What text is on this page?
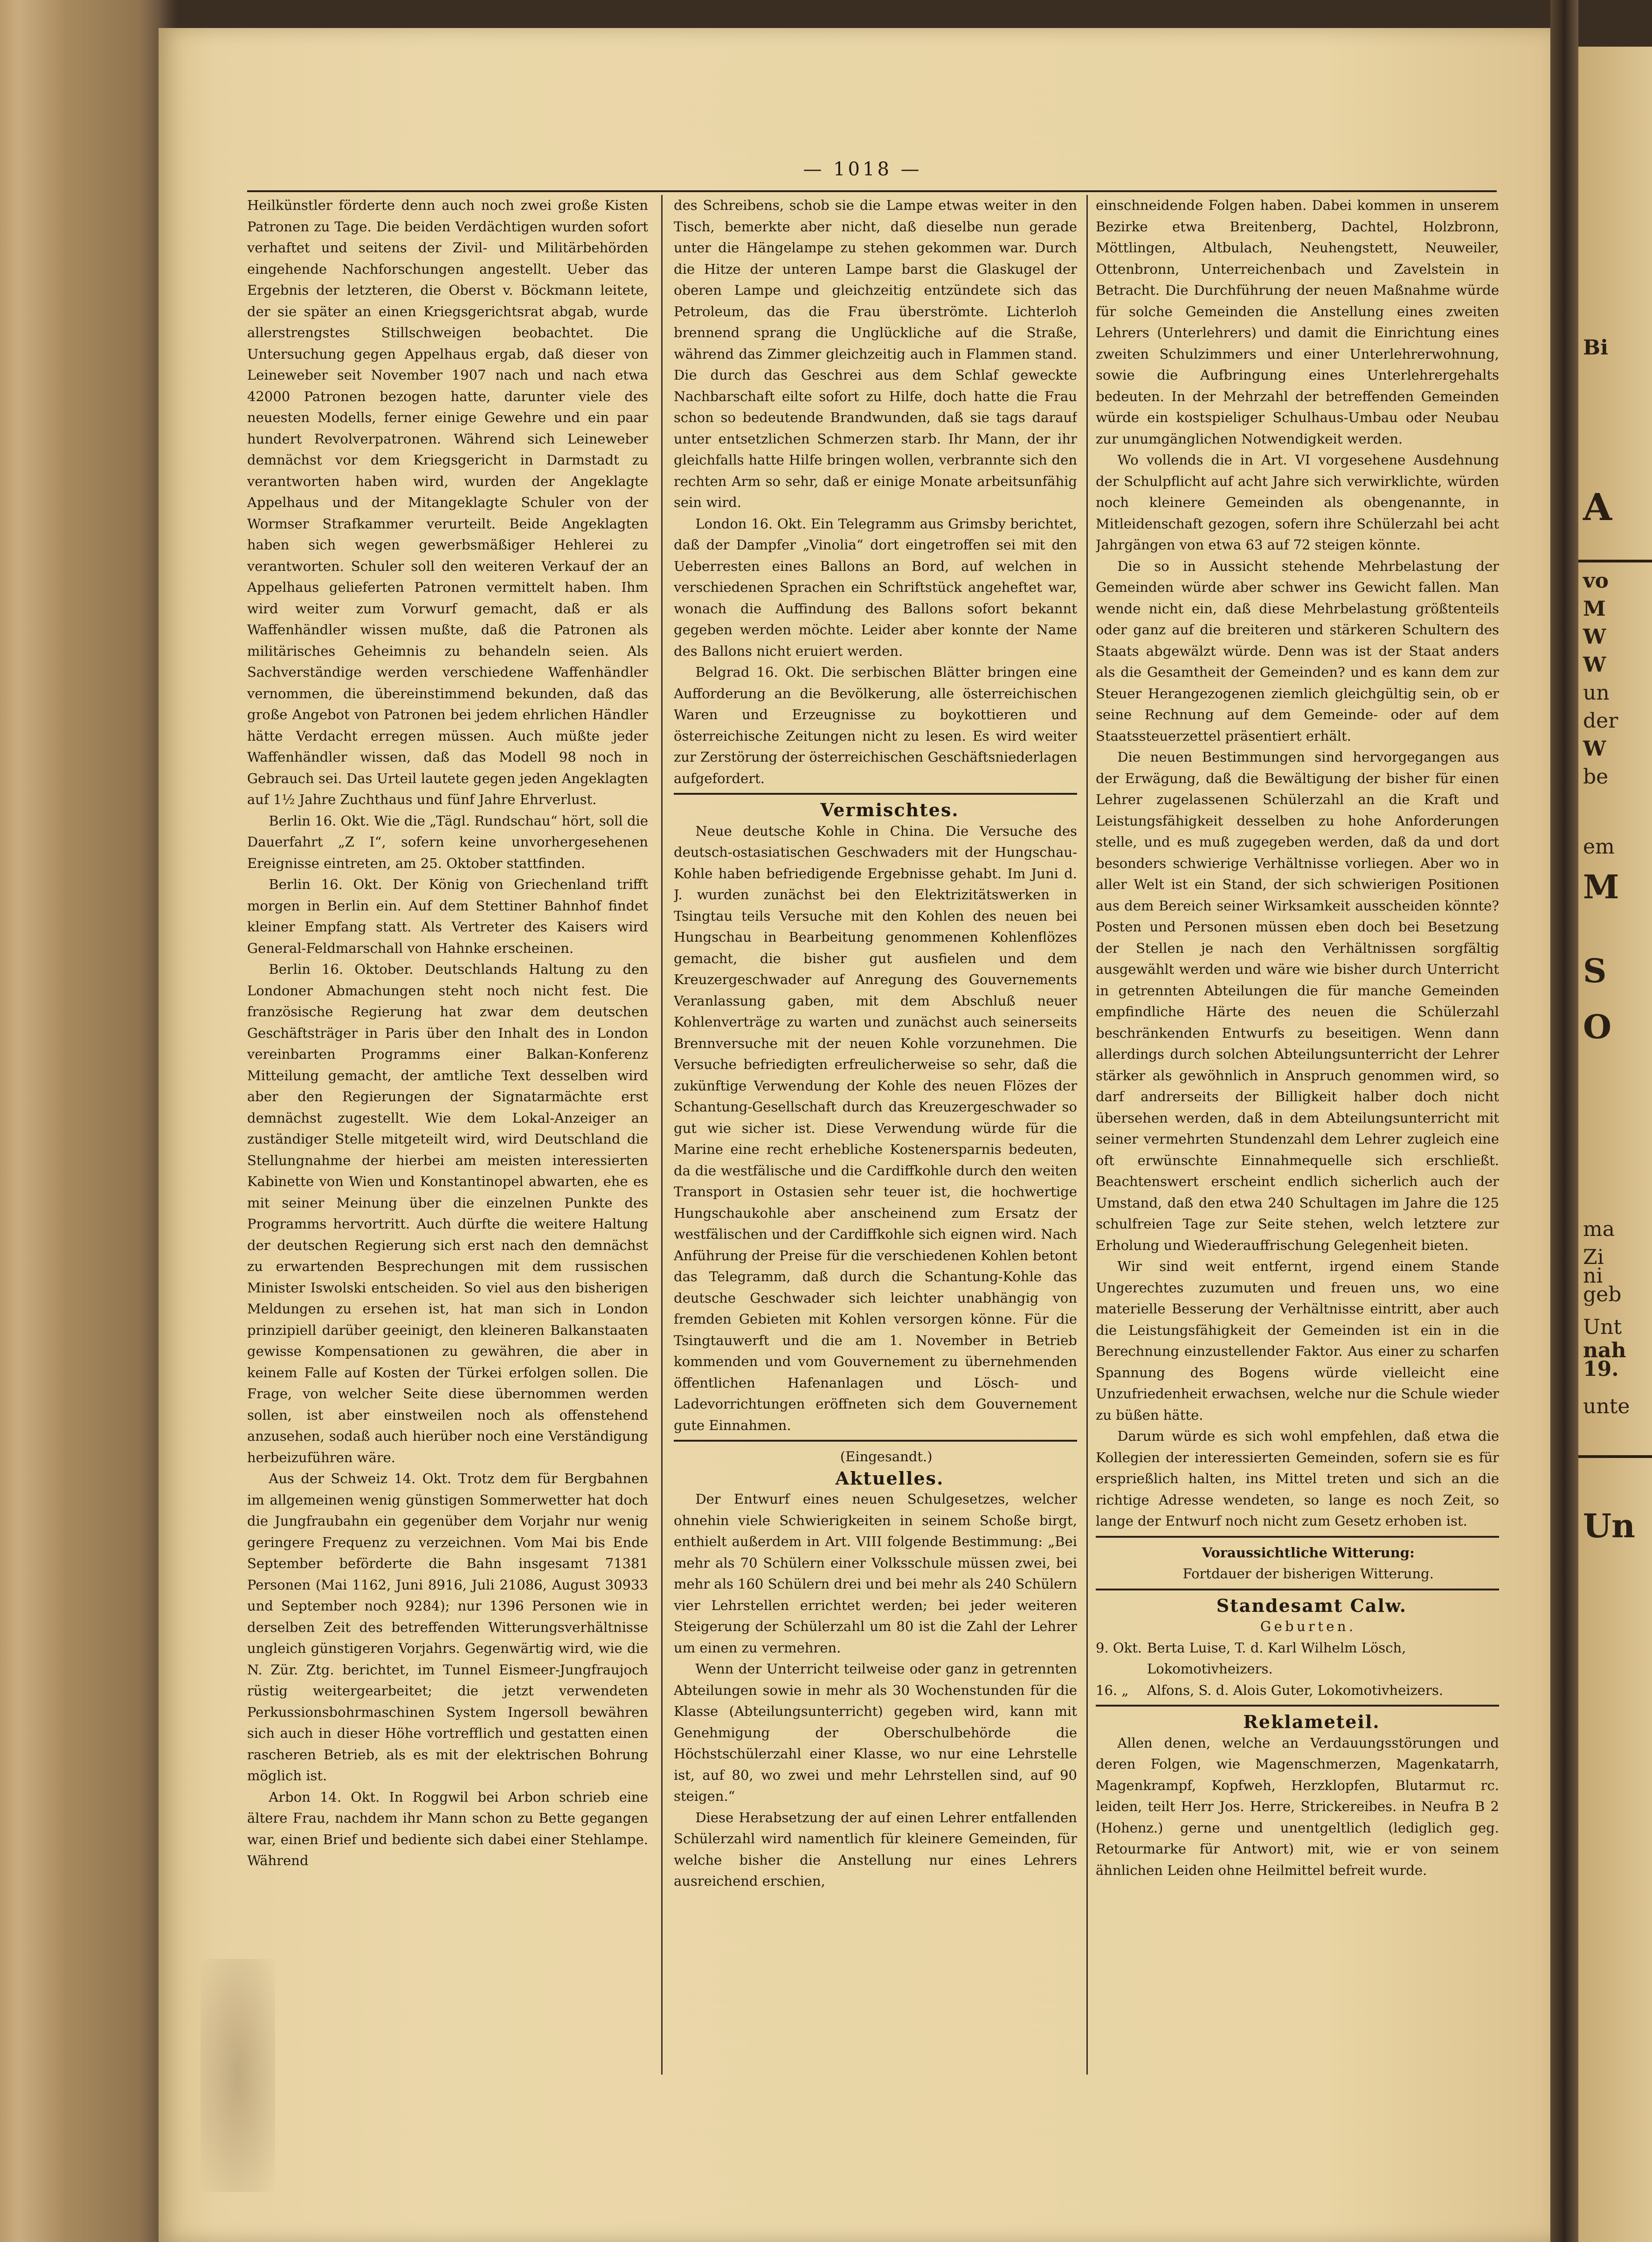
Bi
A
vo
M
W
W
un
der
W
be
em
M
S
O
ma
Zi
ni
geb
Unt
nah
19.
unte
Un
— 1018 —

Heilkünstler förderte denn auch noch zwei große Kisten Patronen zu Tage. Die beiden Verdächtigen wurden sofort verhaftet und seitens der Zivil- und Militärbehörden eingehende Nachforschungen angestellt. Ueber das Ergebnis der letzteren, die Oberst v. Böckmann leitete, der sie später an einen Kriegsgerichtsrat abgab, wurde allerstrengstes Stillschweigen beobachtet. Die Untersuchung gegen Appelhaus ergab, daß dieser von Leineweber seit November 1907 nach und nach etwa 42000 Patronen bezogen hatte, darunter viele des neuesten Modells, ferner einige Gewehre und ein paar hundert Revolverpatronen. Während sich Leineweber demnächst vor dem Kriegsgericht in Darmstadt zu verantworten haben wird, wurden der Angeklagte Appelhaus und der Mitangeklagte Schuler von der Wormser Strafkammer verurteilt. Beide Angeklagten haben sich wegen gewerbsmäßiger Hehlerei zu verantworten. Schuler soll den weiteren Verkauf der an Appelhaus gelieferten Patronen vermittelt haben. Ihm wird weiter zum Vorwurf gemacht, daß er als Waffenhändler wissen mußte, daß die Patronen als militärisches Geheimnis zu behandeln seien. Als Sachverständige werden verschiedene Waffenhändler vernommen, die übereinstimmend bekunden, daß das große Angebot von Patronen bei jedem ehrlichen Händler hätte Verdacht erregen müssen. Auch müßte jeder Waffenhändler wissen, daß das Modell 98 noch in Gebrauch sei. Das Urteil lautete gegen jeden Angeklagten auf 1½ Jahre Zuchthaus und fünf Jahre Ehrverlust.

Berlin 16. Okt. Wie die „Tägl. Rundschau“ hört, soll die Dauerfahrt „Z I“, sofern keine unvorhergesehenen Ereignisse eintreten, am 25. Oktober stattfinden.

Berlin 16. Okt. Der König von Griechenland trifft morgen in Berlin ein. Auf dem Stettiner Bahnhof findet kleiner Empfang statt. Als Vertreter des Kaisers wird General-Feldmarschall von Hahnke erscheinen.

Berlin 16. Oktober. Deutschlands Haltung zu den Londoner Abmachungen steht noch nicht fest. Die französische Regierung hat zwar dem deutschen Geschäftsträger in Paris über den Inhalt des in London vereinbarten Programms einer Balkan-Konferenz Mitteilung gemacht, der amtliche Text desselben wird aber den Regierungen der Signatarmächte erst demnächst zugestellt. Wie dem Lokal-Anzeiger an zuständiger Stelle mitgeteilt wird, wird Deutschland die Stellungnahme der hierbei am meisten interessierten Kabinette von Wien und Konstantinopel abwarten, ehe es mit seiner Meinung über die einzelnen Punkte des Programms hervortritt. Auch dürfte die weitere Haltung der deutschen Regierung sich erst nach den demnächst zu erwartenden Besprechungen mit dem russischen Minister Iswolski entscheiden. So viel aus den bisherigen Meldungen zu ersehen ist, hat man sich in London prinzipiell darüber geeinigt, den kleineren Balkanstaaten gewisse Kompensationen zu gewähren, die aber in keinem Falle auf Kosten der Türkei erfolgen sollen. Die Frage, von welcher Seite diese übernommen werden sollen, ist aber einstweilen noch als offenstehend anzusehen, sodaß auch hierüber noch eine Verständigung herbeizuführen wäre.

Aus der Schweiz 14. Okt. Trotz dem für Bergbahnen im allgemeinen wenig günstigen Sommerwetter hat doch die Jungfraubahn ein gegenüber dem Vorjahr nur wenig geringere Frequenz zu verzeichnen. Vom Mai bis Ende September beförderte die Bahn insgesamt 71381 Personen (Mai 1162, Juni 8916, Juli 21086, August 30933 und September noch 9284); nur 1396 Personen wie in derselben Zeit des betreffenden Witterungsverhältnisse ungleich günstigeren Vorjahrs. Gegenwärtig wird, wie die N. Zür. Ztg. berichtet, im Tunnel Eismeer-Jungfraujoch rüstig weitergearbeitet; die jetzt verwendeten Perkussionsbohrmaschinen System Ingersoll bewähren sich auch in dieser Höhe vortrefflich und gestatten einen rascheren Betrieb, als es mit der elektrischen Bohrung möglich ist.

Arbon 14. Okt. In Roggwil bei Arbon schrieb eine ältere Frau, nachdem ihr Mann schon zu Bette gegangen war, einen Brief und bediente sich dabei einer Stehlampe. Während

des Schreibens, schob sie die Lampe etwas weiter in den Tisch, bemerkte aber nicht, daß dieselbe nun gerade unter die Hängelampe zu stehen gekommen war. Durch die Hitze der unteren Lampe barst die Glaskugel der oberen Lampe und gleichzeitig entzündete sich das Petroleum, das die Frau überströmte. Lichterloh brennend sprang die Unglückliche auf die Straße, während das Zimmer gleichzeitig auch in Flammen stand. Die durch das Geschrei aus dem Schlaf geweckte Nachbarschaft eilte sofort zu Hilfe, doch hatte die Frau schon so bedeutende Brandwunden, daß sie tags darauf unter entsetzlichen Schmerzen starb. Ihr Mann, der ihr gleichfalls hatte Hilfe bringen wollen, verbrannte sich den rechten Arm so sehr, daß er einige Monate arbeitsunfähig sein wird.

London 16. Okt. Ein Telegramm aus Grimsby berichtet, daß der Dampfer „Vinolia“ dort eingetroffen sei mit den Ueberresten eines Ballons an Bord, auf welchen in verschiedenen Sprachen ein Schriftstück angeheftet war, wonach die Auffindung des Ballons sofort bekannt gegeben werden möchte. Leider aber konnte der Name des Ballons nicht eruiert werden.

Belgrad 16. Okt. Die serbischen Blätter bringen eine Aufforderung an die Bevölkerung, alle österreichischen Waren und Erzeugnisse zu boykottieren und österreichische Zeitungen nicht zu lesen. Es wird weiter zur Zerstörung der österreichischen Geschäftsniederlagen aufgefordert.

Vermischtes.

Neue deutsche Kohle in China. Die Versuche des deutsch-ostasiatischen Geschwaders mit der Hungschau-Kohle haben befriedigende Ergebnisse gehabt. Im Juni d. J. wurden zunächst bei den Elektrizitätswerken in Tsingtau teils Versuche mit den Kohlen des neuen bei Hungschau in Bearbeitung genommenen Kohlenflözes gemacht, die bisher gut ausfielen und dem Kreuzergeschwader auf Anregung des Gouvernements Veranlassung gaben, mit dem Abschluß neuer Kohlenverträge zu warten und zunächst auch seinerseits Brennversuche mit der neuen Kohle vorzunehmen. Die Versuche befriedigten erfreulicherweise so sehr, daß die zukünftige Verwendung der Kohle des neuen Flözes der Schantung-Gesellschaft durch das Kreuzergeschwader so gut wie sicher ist. Diese Verwendung würde für die Marine eine recht erhebliche Kostenersparnis bedeuten, da die westfälische und die Cardiffkohle durch den weiten Transport in Ostasien sehr teuer ist, die hochwertige Hungschaukohle aber anscheinend zum Ersatz der westfälischen und der Cardiffkohle sich eignen wird. Nach Anführung der Preise für die verschiedenen Kohlen betont das Telegramm, daß durch die Schantung-Kohle das deutsche Geschwader sich leichter unabhängig von fremden Gebieten mit Kohlen versorgen könne. Für die Tsingtauwerft und die am 1. November in Betrieb kommenden und vom Gouvernement zu übernehmenden öffentlichen Hafenanlagen und Lösch- und Ladevorrichtungen eröffneten sich dem Gouvernement gute Einnahmen.

(Eingesandt.)

Aktuelles.

Der Entwurf eines neuen Schulgesetzes, welcher ohnehin viele Schwierigkeiten in seinem Schoße birgt, enthielt außerdem in Art. VIII folgende Bestimmung: „Bei mehr als 70 Schülern einer Volksschule müssen zwei, bei mehr als 160 Schülern drei und bei mehr als 240 Schülern vier Lehrstellen errichtet werden; bei jeder weiteren Steigerung der Schülerzahl um 80 ist die Zahl der Lehrer um einen zu vermehren.

Wenn der Unterricht teilweise oder ganz in getrennten Abteilungen sowie in mehr als 30 Wochenstunden für die Klasse (Abteilungsunterricht) gegeben wird, kann mit Genehmigung der Oberschulbehörde die Höchstschülerzahl einer Klasse, wo nur eine Lehrstelle ist, auf 80, wo zwei und mehr Lehrstellen sind, auf 90 steigen.“

Diese Herabsetzung der auf einen Lehrer entfallenden Schülerzahl wird namentlich für kleinere Gemeinden, für welche bisher die Anstellung nur eines Lehrers ausreichend erschien,

einschneidende Folgen haben. Dabei kommen in unserem Bezirke etwa Breitenberg, Dachtel, Holzbronn, Möttlingen, Altbulach, Neuhengstett, Neuweiler, Ottenbronn, Unterreichenbach und Zavelstein in Betracht. Die Durchführung der neuen Maßnahme würde für solche Gemeinden die Anstellung eines zweiten Lehrers (Unterlehrers) und damit die Einrichtung eines zweiten Schulzimmers und einer Unterlehrerwohnung, sowie die Aufbringung eines Unterlehrergehalts bedeuten. In der Mehrzahl der betreffenden Gemeinden würde ein kostspieliger Schulhaus-Umbau oder Neubau zur unumgänglichen Notwendigkeit werden.

Wo vollends die in Art. VI vorgesehene Ausdehnung der Schulpflicht auf acht Jahre sich verwirklichte, würden noch kleinere Gemeinden als obengenannte, in Mitleidenschaft gezogen, sofern ihre Schülerzahl bei acht Jahrgängen von etwa 63 auf 72 steigen könnte.

Die so in Aussicht stehende Mehrbelastung der Gemeinden würde aber schwer ins Gewicht fallen. Man wende nicht ein, daß diese Mehrbelastung größtenteils oder ganz auf die breiteren und stärkeren Schultern des Staats abgewälzt würde. Denn was ist der Staat anders als die Gesamtheit der Gemeinden? und es kann dem zur Steuer Herangezogenen ziemlich gleichgültig sein, ob er seine Rechnung auf dem Gemeinde- oder auf dem Staatssteuerzettel präsentiert erhält.

Die neuen Bestimmungen sind hervorgegangen aus der Erwägung, daß die Bewältigung der bisher für einen Lehrer zugelassenen Schülerzahl an die Kraft und Leistungsfähigkeit desselben zu hohe Anforderungen stelle, und es muß zugegeben werden, daß da und dort besonders schwierige Verhältnisse vorliegen. Aber wo in aller Welt ist ein Stand, der sich schwierigen Positionen aus dem Bereich seiner Wirksamkeit ausscheiden könnte? Posten und Personen müssen eben doch bei Besetzung der Stellen je nach den Verhältnissen sorgfältig ausgewählt werden und wäre wie bisher durch Unterricht in getrennten Abteilungen die für manche Gemeinden empfindliche Härte des neuen die Schülerzahl beschränkenden Entwurfs zu beseitigen. Wenn dann allerdings durch solchen Abteilungsunterricht der Lehrer stärker als gewöhnlich in Anspruch genommen wird, so darf andrerseits der Billigkeit halber doch nicht übersehen werden, daß in dem Abteilungsunterricht mit seiner vermehrten Stundenzahl dem Lehrer zugleich eine oft erwünschte Einnahmequelle sich erschließt. Beachtenswert erscheint endlich sicherlich auch der Umstand, daß den etwa 240 Schultagen im Jahre die 125 schulfreien Tage zur Seite stehen, welch letztere zur Erholung und Wiederauffrischung Gelegenheit bieten.

Wir sind weit entfernt, irgend einem Stande Ungerechtes zuzumuten und freuen uns, wo eine materielle Besserung der Verhältnisse eintritt, aber auch die Leistungsfähigkeit der Gemeinden ist ein in die Berechnung einzustellender Faktor. Aus einer zu scharfen Spannung des Bogens würde vielleicht eine Unzufriedenheit erwachsen, welche nur die Schule wieder zu büßen hätte.

Darum würde es sich wohl empfehlen, daß etwa die Kollegien der interessierten Gemeinden, sofern sie es für ersprießlich halten, ins Mittel treten und sich an die richtige Adresse wendeten, so lange es noch Zeit, so lange der Entwurf noch nicht zum Gesetz erhoben ist.

Voraussichtliche Witterung:

Fortdauer der bisherigen Witterung.

Standesamt Calw.

Geburten.

9. Okt. Berta Luise, T. d. Karl Wilhelm Lösch, Lokomotivheizers.
16. „	Alfons, S. d. Alois Guter, Lokomotivheizers.

Reklameteil.

Allen denen, welche an Verdauungsstörungen und deren Folgen, wie Magenschmerzen, Magenkatarrh, Magenkrampf, Kopfweh, Herzklopfen, Blutarmut rc. leiden, teilt Herr Jos. Herre, Strickereibes. in Neufra B 2 (Hohenz.) gerne und unentgeltlich (lediglich geg. Retourmarke für Antwort) mit, wie er von seinem ähnlichen Leiden ohne Heilmittel befreit wurde.
